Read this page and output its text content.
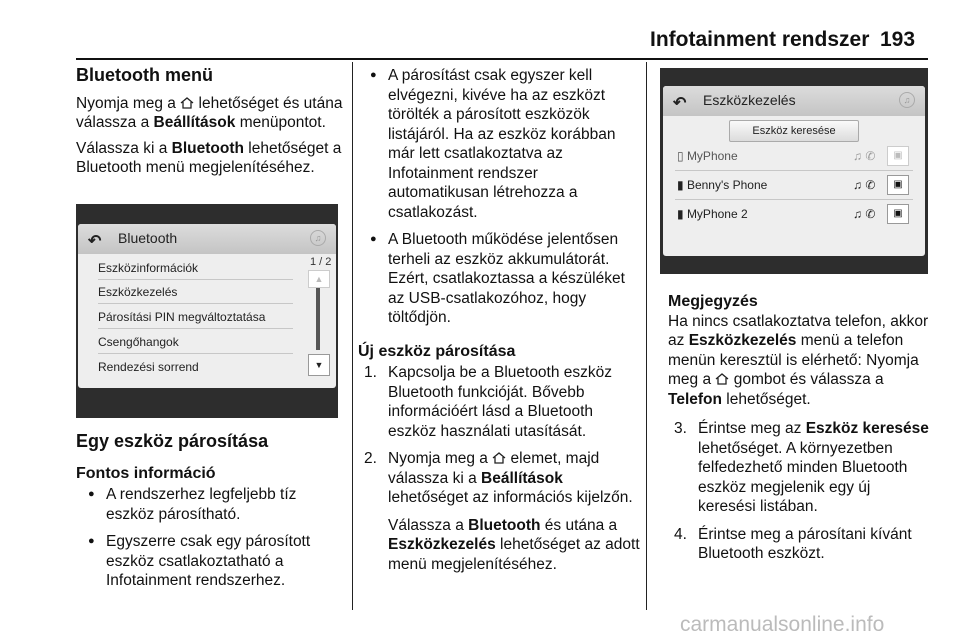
Infotainment rendszer 193
Bluetooth menü

Nyomja meg a  lehetőséget és utána válassza a Beállítások menüpontot.

Válassza ki a Bluetooth lehetőséget a Bluetooth menü megjelenítéséhez.

↶ Bluetooth	♫
Eszközinformációk
Eszközkezelés
Párosítási PIN megváltoztatása
Csengőhangok
Rendezési sorrend
1 / 2
▲
▼
Egy eszköz párosítása
Fontos információ
● A rendszerhez legfeljebb tíz eszköz párosítható.
● Egyszerre csak egy párosított eszköz csatlakoztatható a Infotainment rendszerhez.
● A párosítást csak egyszer kell elvégezni, kivéve ha az eszközt törölték a párosított eszközök listájáról. Ha az eszköz korábban már lett csatlakoztatva az Infotainment rendszer automatikusan létrehozza a csatlakozást.
● A Bluetooth működése jelentősen terheli az eszköz akkumulátorát. Ezért, csatlakoztassa a készüléket az USB-csatlakozóhoz, hogy töltődjön.
Új eszköz párosítása
1. Kapcsolja be a Bluetooth eszköz Bluetooth funkcióját. Bővebb információért lásd a Bluetooth eszköz használati utasítását.
2. Nyomja meg a  elemet, majd válassza ki a Beállítások lehetőséget az információs kijelzőn.
Válassza a Bluetooth és utána a Eszközkezelés lehetőséget az adott menü megjelenítéséhez.
↶ Eszközkezelés	♫
Eszköz keresése
▯ MyPhone	♫ ✆	▣
▮ Benny's Phone	♫ ✆	▣
▮ MyPhone 2	♫ ✆	▣
Megjegyzés

Ha nincs csatlakoztatva telefon, akkor az Eszközkezelés menü a telefon menün keresztül is elérhető: Nyomja meg a  gombot és válassza a Telefon lehetőséget.

3. Érintse meg az Eszköz keresése lehetőséget. A környezetben felfedezhető minden Bluetooth eszköz megjelenik egy új keresési listában.
4. Érintse meg a párosítani kívánt Bluetooth eszközt.
carmanualsonline.info
